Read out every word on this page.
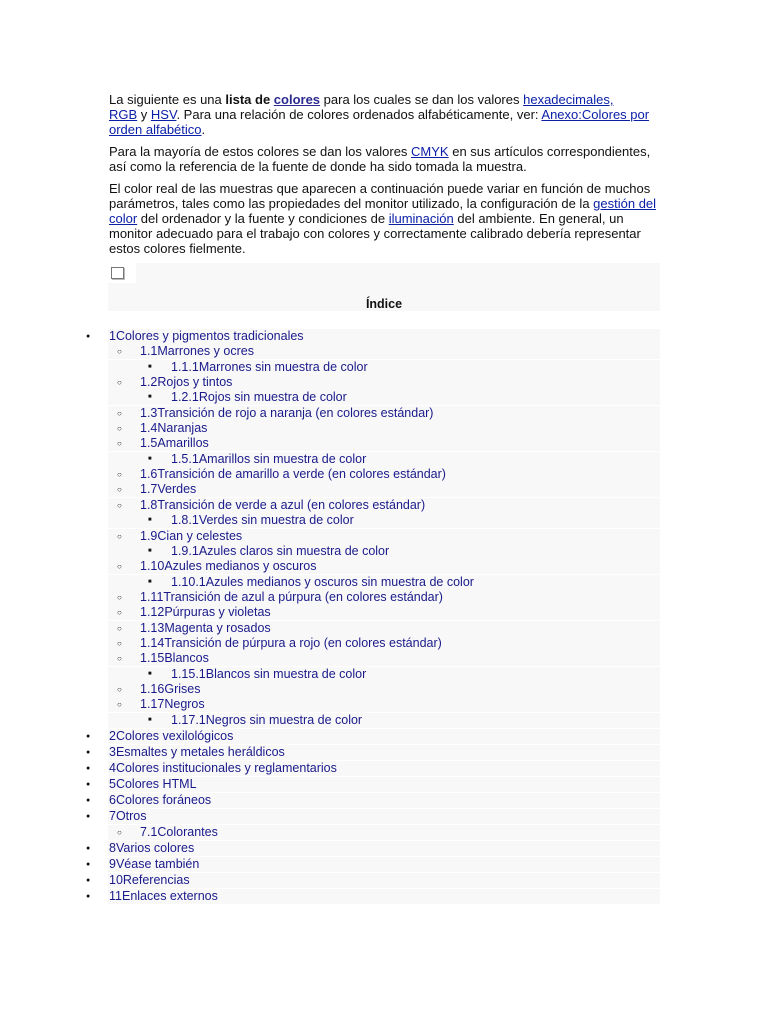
La siguiente es una lista de colores para los cuales se dan los valores hexadecimales,
RGB y HSV. Para una relación de colores ordenados alfabéticamente, ver: Anexo:Colores por orden alfabético.

Para la mayoría de estos colores se dan los valores CMYK en sus artículos correspondientes, así como la referencia de la fuente de donde ha sido tomada la muestra.

El color real de las muestras que aparecen a continuación puede variar en función de muchos parámetros, tales como las propiedades del monitor utilizado, la configuración de la gestión del color del ordenador y la fuente y condiciones de iluminación del ambiente. En general, un monitor adecuado para el trabajo con colores y correctamente calibrado debería representar estos colores fielmente.

Índice
● 1Colores y pigmentos tradicionales
○ 1.1Marrones y ocres
■ 1.1.1Marrones sin muestra de color
○ 1.2Rojos y tintos
■ 1.2.1Rojos sin muestra de color
○ 1.3Transición de rojo a naranja (en colores estándar)
○ 1.4Naranjas
○ 1.5Amarillos
■ 1.5.1Amarillos sin muestra de color
○ 1.6Transición de amarillo a verde (en colores estándar)
○ 1.7Verdes
○ 1.8Transición de verde a azul (en colores estándar)
■ 1.8.1Verdes sin muestra de color
○ 1.9Cian y celestes
■ 1.9.1Azules claros sin muestra de color
○ 1.10Azules medianos y oscuros
■ 1.10.1Azules medianos y oscuros sin muestra de color
○ 1.11Transición de azul a púrpura (en colores estándar)
○ 1.12Púrpuras y violetas
○ 1.13Magenta y rosados
○ 1.14Transición de púrpura a rojo (en colores estándar)
○ 1.15Blancos
■ 1.15.1Blancos sin muestra de color
○ 1.16Grises
○ 1.17Negros
■ 1.17.1Negros sin muestra de color
● 2Colores vexilológicos
● 3Esmaltes y metales heráldicos
● 4Colores institucionales y reglamentarios
● 5Colores HTML
● 6Colores foráneos
● 7Otros
○ 7.1Colorantes
● 8Varios colores
● 9Véase también
● 10Referencias
● 11Enlaces externos
